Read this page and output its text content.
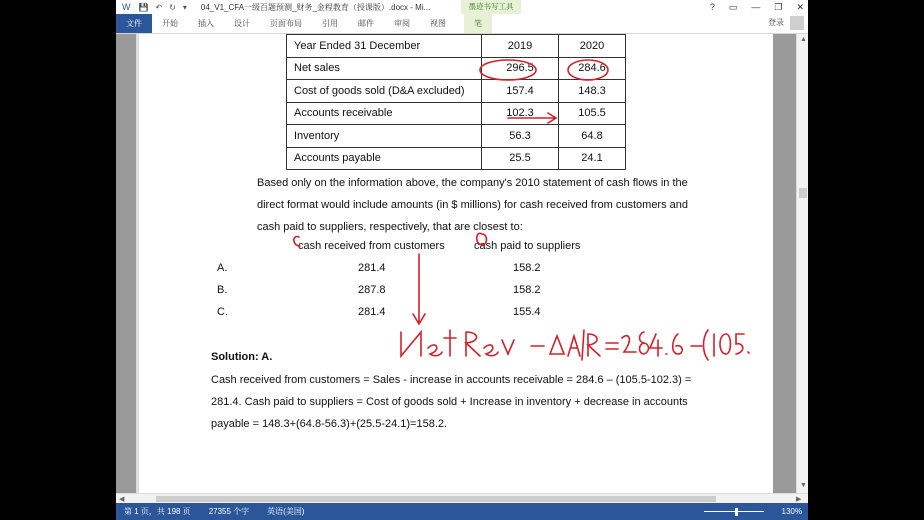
W 💾 ↶ ↻ ▾ 04_V1_CFA一级百题预测_财务_金程教育（授课版）.docx - Mi...	墨迹书写工具	? ▭ — ❐ ✕
文件	开始	插入	设计	页面布局	引用	邮件	审阅	视图	笔	登录
Year Ended 31 December	2019	2020
Net sales	296.5	284.6
Cost of goods sold (D&A excluded)	157.4	148.3
Accounts receivable	102.3	105.5
Inventory	56.3	64.8
Accounts payable	25.5	24.1
Based only on the information above, the company's 2010 statement of cash flows in the
direct format would include amounts (in $ millions) for cash received from customers and
cash paid to suppliers, respectively, that are closest to:
cash received from customers	cash paid to suppliers
A.	281.4	158.2
B.	287.8	158.2
C.	281.4	155.4
Solution: A.
Cash received from customers = Sales - increase in accounts receivable = 284.6 – (105.5-102.3) =
281.4. Cash paid to suppliers = Cost of goods sold + Increase in inventory + decrease in accounts
payable = 148.3+(64.8-56.3)+(25.5-24.1)=158.2.
▲
▼
◀	▶
第 1 页，共 198 页 27355 个字 英语(美国)	130%
